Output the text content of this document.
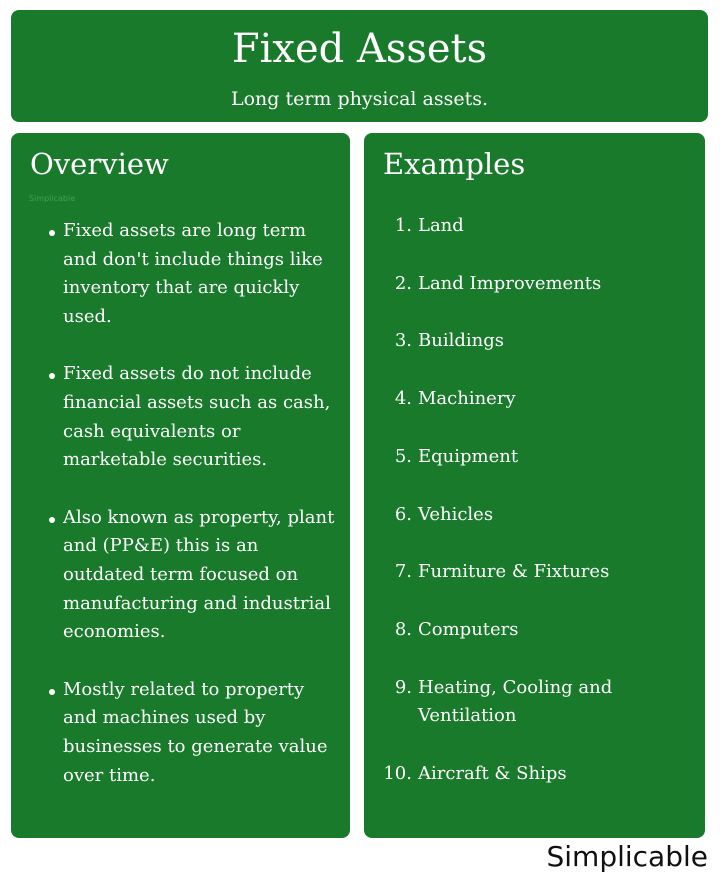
Fixed Assets

Long term physical assets.

Overview
Simplicable
Fixed assets are long term and don't include things like inventory that are quickly used.
Fixed assets do not include financial assets such as cash, cash equivalents or marketable securities.
Also known as property, plant and (PP&E) this is an outdated term focused on manufacturing and industrial economies.
Mostly related to property and machines used by businesses to generate value over time.
Examples
1. Land
2. Land Improvements
3. Buildings
4. Machinery
5. Equipment
6. Vehicles
7. Furniture & Fixtures
8. Computers
9. Heating, Cooling and Ventilation
10. Aircraft & Ships
Simplicable
